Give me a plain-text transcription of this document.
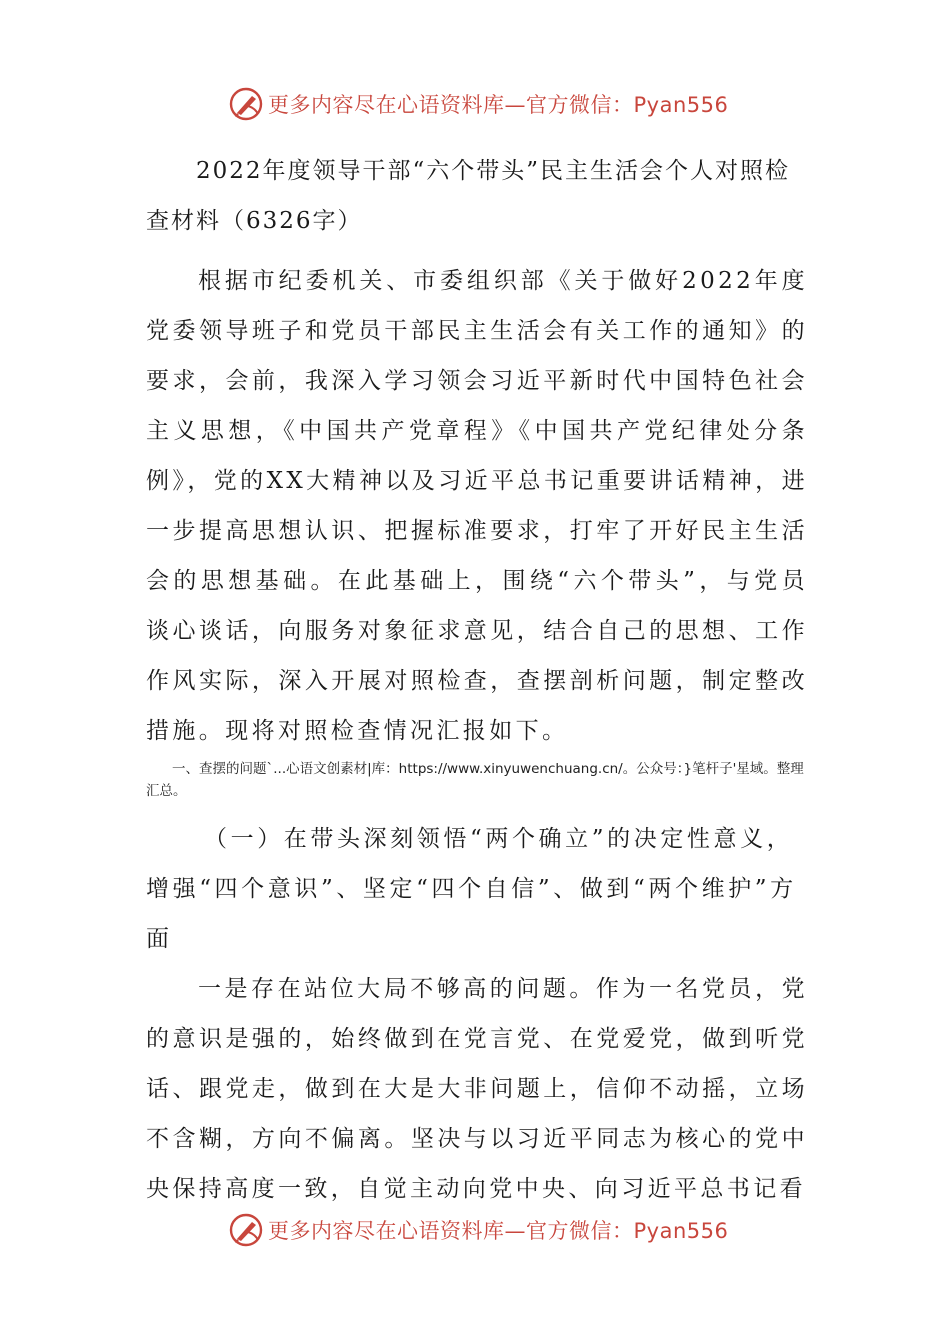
更多内容尽在心语资料库—官方微信：Pyan556
2022年度领导干部“六个带头”民主生活会个人对照检查材料（6326字）

根据市纪委机关、市委组织部《关于做好2022年度党委领导班子和党员干部民主生活会有关工作的通知》的要求，会前，我深入学习领会习近平新时代中国特色社会主义思想，《中国共产党章程》《中国共产党纪律处分条例》，党的XX大精神以及习近平总书记重要讲话精神，进一步提高思想认识、把握标准要求，打牢了开好民主生活会的思想基础。在此基础上，围绕“六个带头”，与党员谈心谈话，向服务对象征求意见，结合自己的思想、工作作风实际，深入开展对照检查，查摆剖析问题，制定整改措施。现将对照检查情况汇报如下。

一、查摆的问题`...心语文创素材|库：https://www.xinyuwenchuang.cn/。公众号：}笔杆子'星域。整理汇总。

（一）在带头深刻领悟“两个确立”的决定性意义，增强“四个意识”、坚定“四个自信”、做到“两个维护”方面

一是存在站位大局不够高的问题。作为一名党员，党的意识是强的，始终做到在党言党、在党爱党，做到听党话、跟党走，做到在大是大非问题上，信仰不动摇，立场不含糊，方向不偏离。坚决与以习近平同志为核心的党中央保持高度一致，自觉主动向党中央、向习近平总书记看

更多内容尽在心语资料库—官方微信：Pyan556
